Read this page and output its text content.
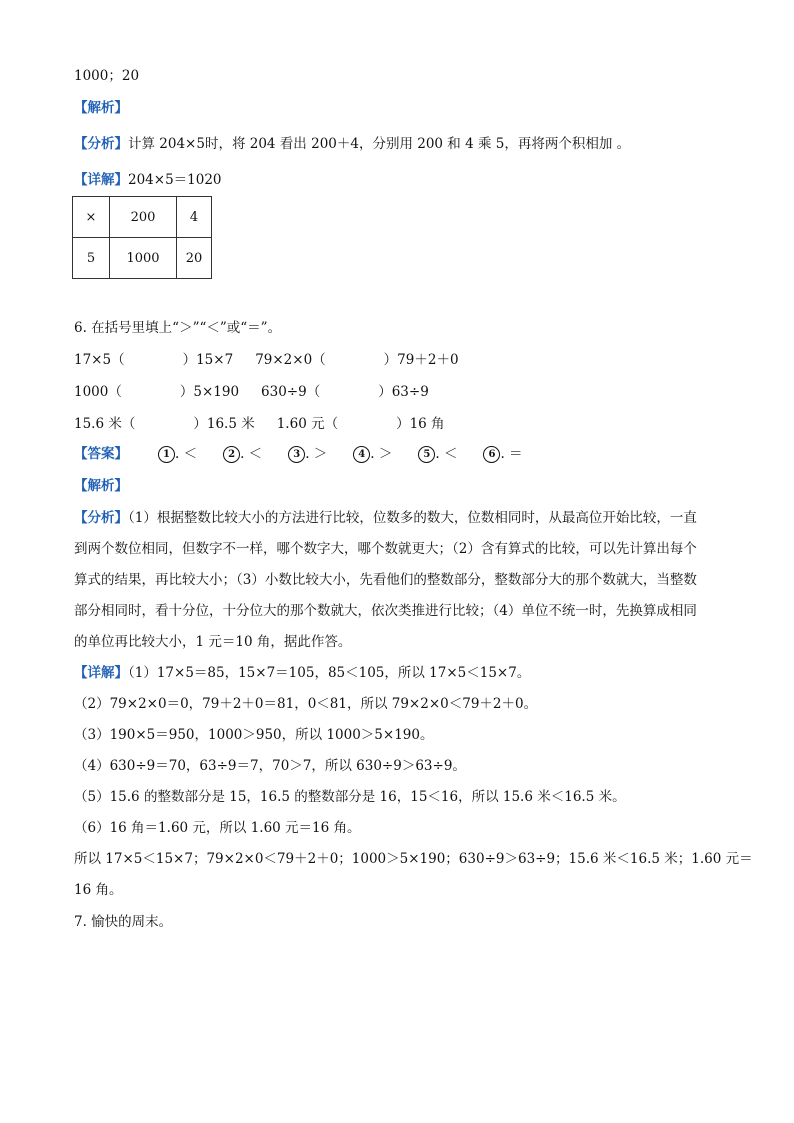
1000；20
【解析】
【分析】计算 204×5时，将 204 看出 200＋4，分别用 200 和 4 乘 5，再将两个积相加 。
【详解】204×5＝1020
×	200	4
5	1000	20
6. 在括号里填上“＞”“＜”或“＝”。
17×5（	）15×7 79×2×0（	）79＋2＋0
1000（	）5×190 630÷9（	）63÷9
15.6 米（	）16.5 米 1.60 元（	）16 角
【答案】	1 . ＜	2 . ＜	3 . ＞	4 . ＞	5 . ＜	6 . ＝
【解析】
【分析】（1）根据整数比较大小的方法进行比较，位数多的数大，位数相同时，从最高位开始比较，一直
到两个数位相同，但数字不一样，哪个数字大，哪个数就更大；（2）含有算式的比较，可以先计算出每个
算式的结果，再比较大小；（3）小数比较大小，先看他们的整数部分，整数部分大的那个数就大，当整数
部分相同时，看十分位，十分位大的那个数就大，依次类推进行比较；（4）单位不统一时，先换算成相同
的单位再比较大小，1 元＝10 角，据此作答。
【详解】（1）17×5＝85，15×7＝105，85＜105，所以 17×5＜15×7。
（2）79×2×0＝0，79＋2＋0＝81，0＜81，所以 79×2×0＜79＋2＋0。
（3）190×5＝950，1000＞950，所以 1000＞5×190。
（4）630÷9＝70，63÷9＝7，70＞7，所以 630÷9＞63÷9。
（5）15.6 的整数部分是 15，16.5 的整数部分是 16，15＜16，所以 15.6 米＜16.5 米。
（6）16 角＝1.60 元，所以 1.60 元＝16 角。
所以 17×5＜15×7；79×2×0＜79＋2＋0；1000＞5×190；630÷9＞63÷9；15.6 米＜16.5 米；1.60 元＝
16 角。
7. 愉快的周末。
